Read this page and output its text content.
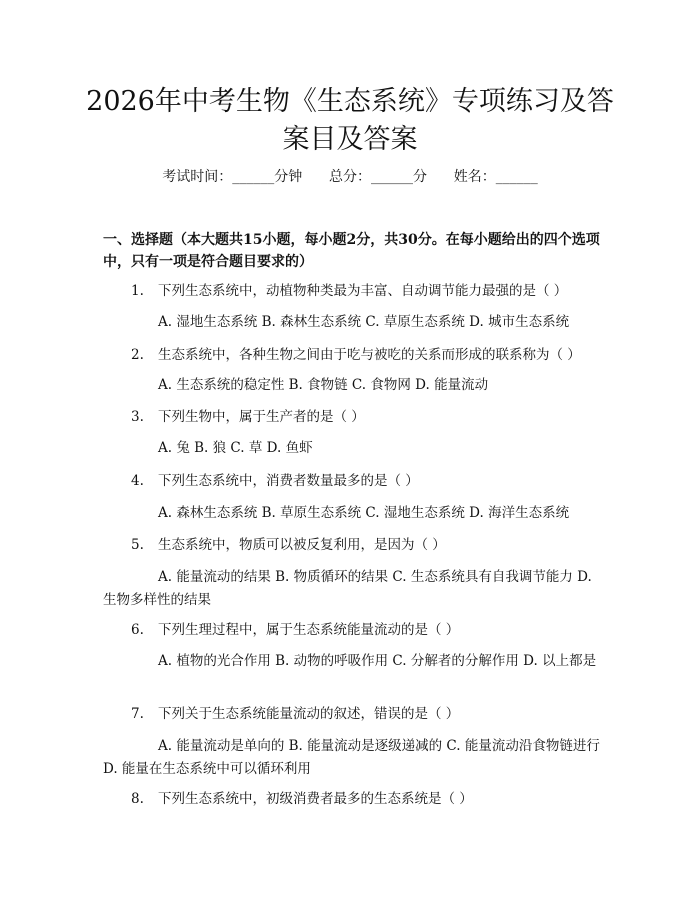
2026年中考生物《生态系统》专项练习及答
案目及答案
考试时间：______分钟 总分：______分 姓名：______

一、选择题（本大题共15小题，每小题2分，共30分。在每小题给出的四个选项中，只有一项是符合题目要求的）

1. 下列生态系统中，动植物种类最为丰富、自动调节能力最强的是（ ）
A. 湿地生态系统 B. 森林生态系统 C. 草原生态系统 D. 城市生态系统
2. 生态系统中，各种生物之间由于吃与被吃的关系而形成的联系称为（ ）
A. 生态系统的稳定性 B. 食物链 C. 食物网 D. 能量流动
3. 下列生物中，属于生产者的是（ ）
A. 兔 B. 狼 C. 草 D. 鱼虾
4. 下列生态系统中，消费者数量最多的是（ ）
A. 森林生态系统 B. 草原生态系统 C. 湿地生态系统 D. 海洋生态系统
5. 生态系统中，物质可以被反复利用，是因为（ ）
A. 能量流动的结果 B. 物质循环的结果 C. 生态系统具有自我调节能力 D. 生物多样性的结果
6. 下列生理过程中，属于生态系统能量流动的是（ ）
A. 植物的光合作用 B. 动物的呼吸作用 C. 分解者的分解作用 D. 以上都是
7. 下列关于生态系统能量流动的叙述，错误的是（ ）
A. 能量流动是单向的 B. 能量流动是逐级递减的 C. 能量流动沿食物链进行 D. 能量在生态系统中可以循环利用
8. 下列生态系统中，初级消费者最多的生态系统是（ ）
